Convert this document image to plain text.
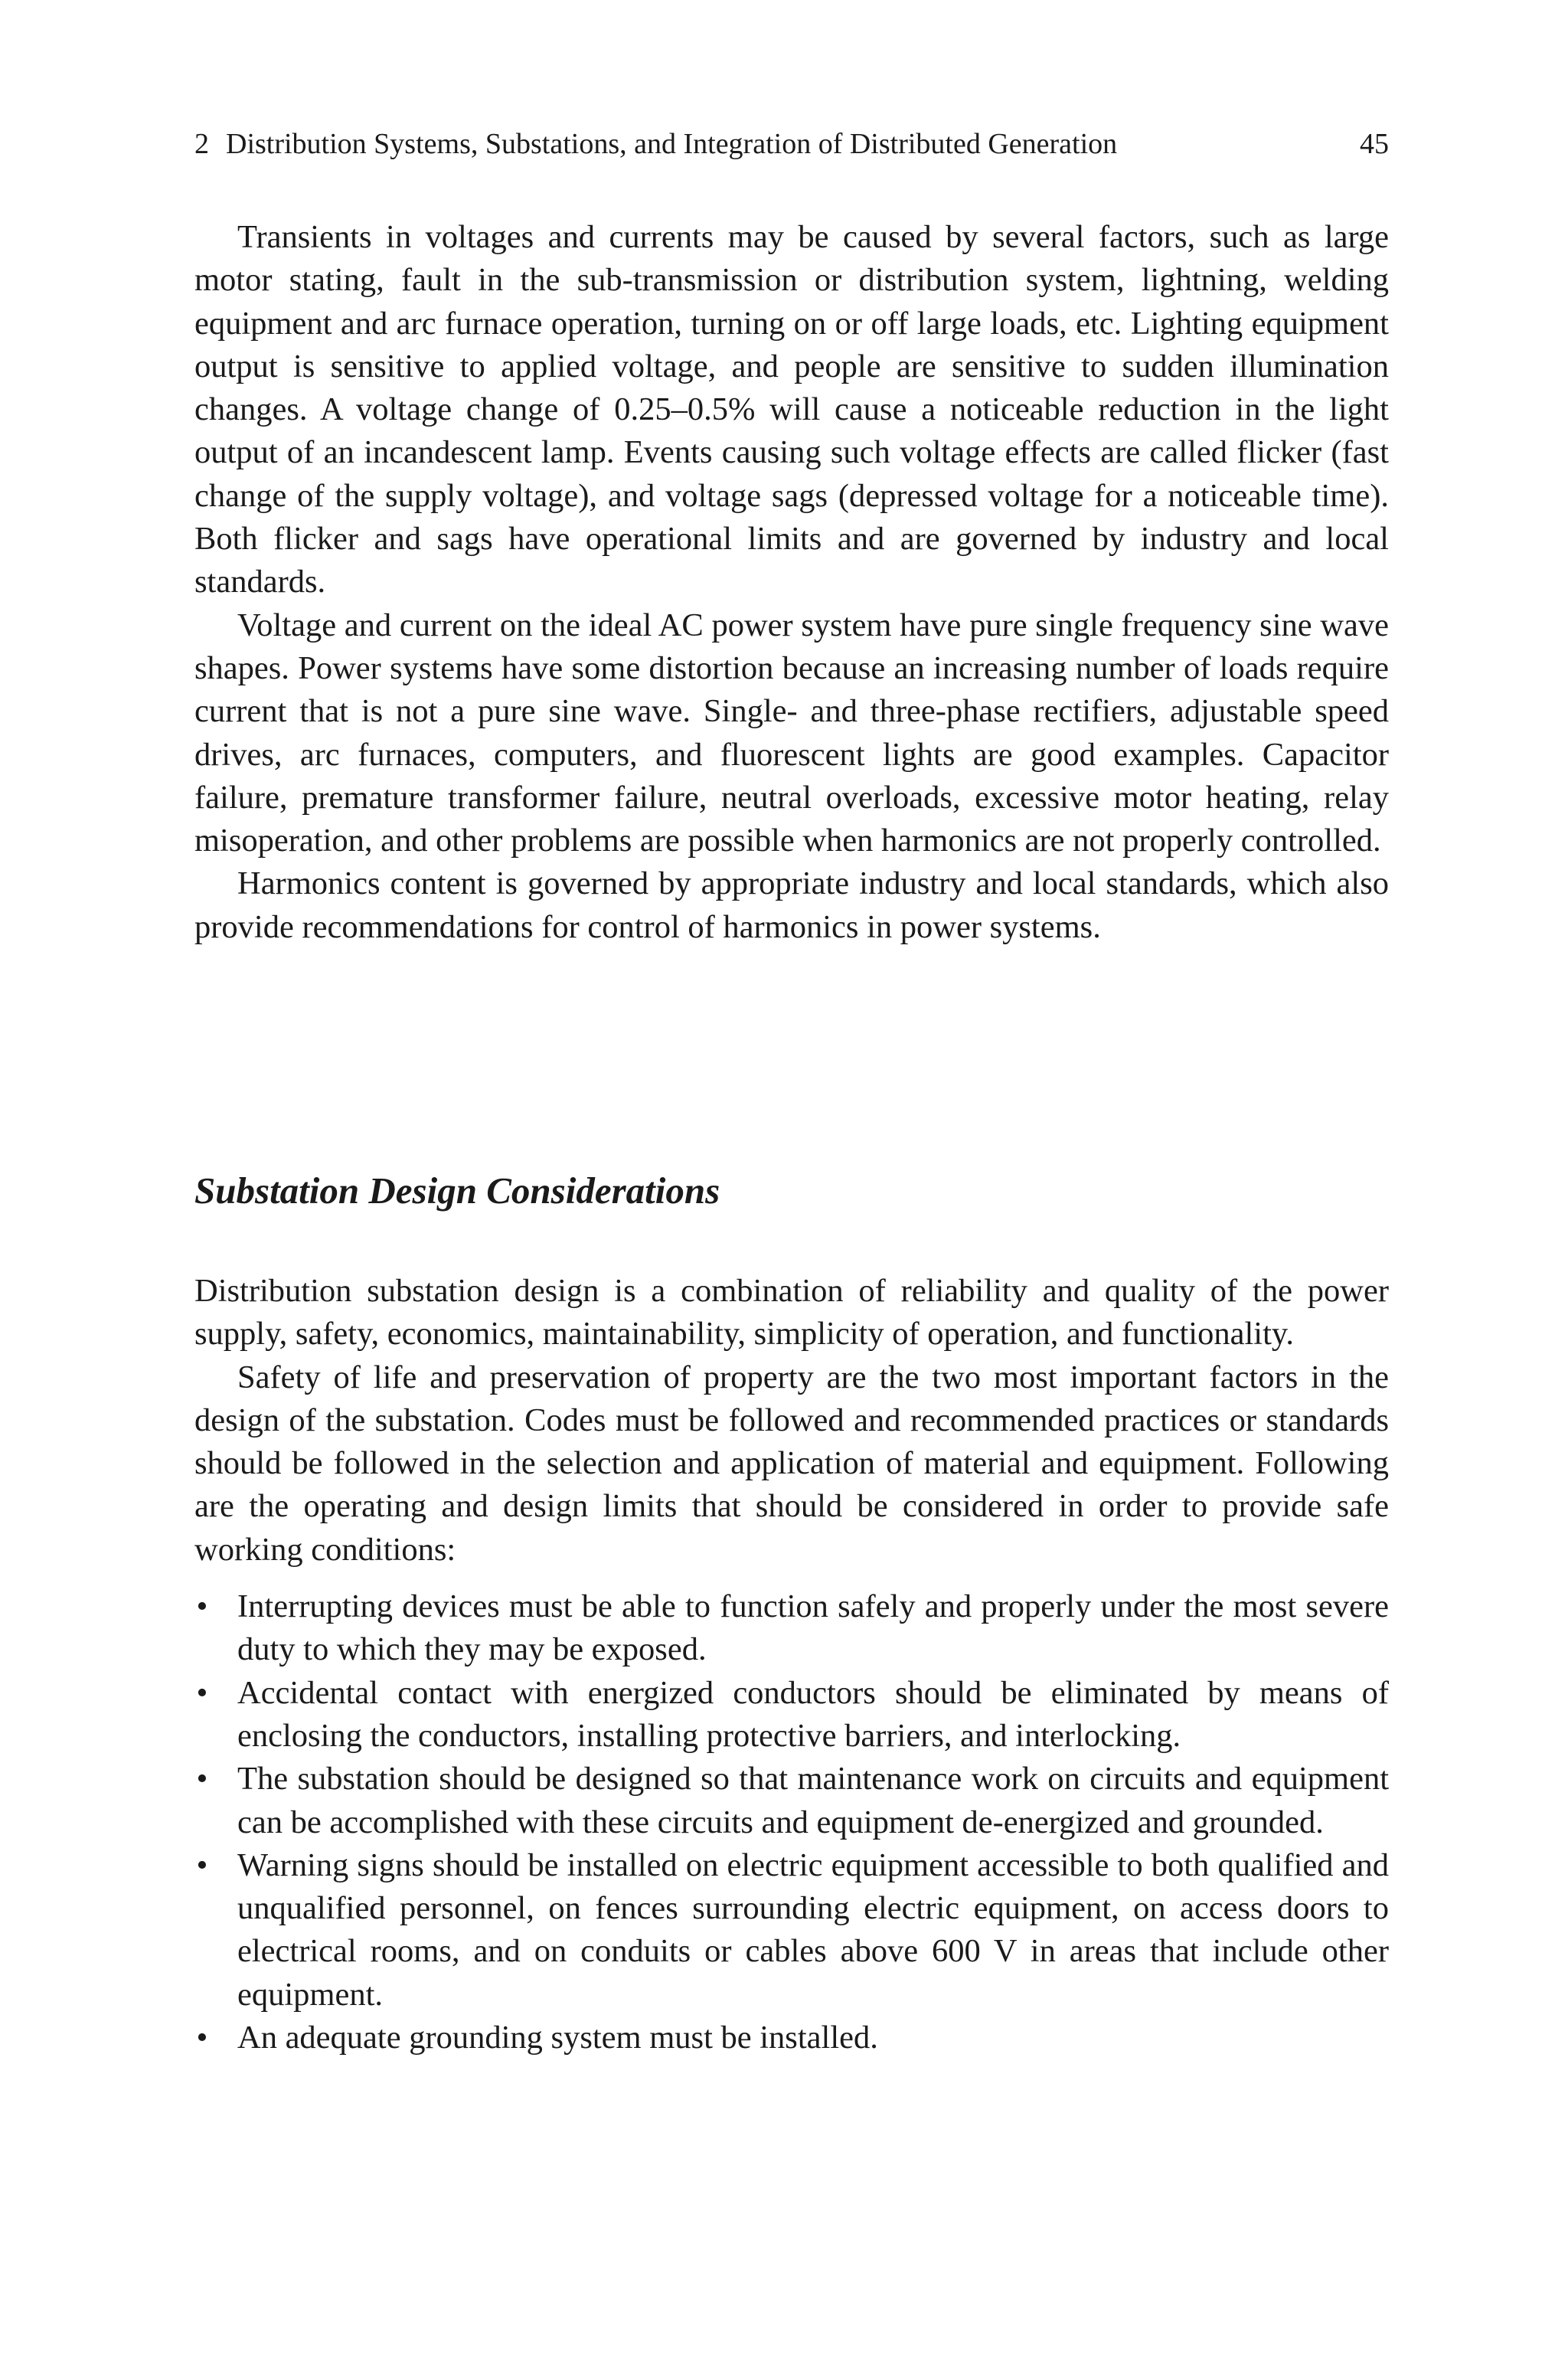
2 Distribution Systems, Substations, and Integration of Distributed Generation	45

Transients in voltages and currents may be caused by several factors, such as large motor stating, fault in the sub-transmission or distribution system, lightning, welding equipment and arc furnace operation, turning on or off large loads, etc. Lighting equipment output is sensitive to applied voltage, and people are sensitive to sudden illumination changes. A voltage change of 0.25–0.5% will cause a noticeable reduction in the light output of an incandescent lamp. Events causing such voltage effects are called flicker (fast change of the supply voltage), and voltage sags (depressed voltage for a noticeable time). Both flicker and sags have operational limits and are governed by industry and local standards.

Voltage and current on the ideal AC power system have pure single frequency sine wave shapes. Power systems have some distortion because an increasing number of loads require current that is not a pure sine wave. Single- and three-phase rectifiers, adjustable speed drives, arc furnaces, computers, and fluorescent lights are good examples. Capacitor failure, premature transformer failure, neutral overloads, excessive motor heating, relay misoperation, and other problems are possible when harmonics are not properly controlled.

Harmonics content is governed by appropriate industry and local standards, which also provide recommendations for control of harmonics in power systems.

Substation Design Considerations

Distribution substation design is a combination of reliability and quality of the power supply, safety, economics, maintainability, simplicity of operation, and functionality.

Safety of life and preservation of property are the two most important factors in the design of the substation. Codes must be followed and recommended practices or standards should be followed in the selection and application of material and equipment. Following are the operating and design limits that should be considered in order to provide safe working conditions:

• Interrupting devices must be able to function safely and properly under the most severe duty to which they may be exposed.
• Accidental contact with energized conductors should be eliminated by means of enclosing the conductors, installing protective barriers, and interlocking.
• The substation should be designed so that maintenance work on circuits and equipment can be accomplished with these circuits and equipment de-energized and grounded.
• Warning signs should be installed on electric equipment accessible to both qualified and unqualified personnel, on fences surrounding electric equipment, on access doors to electrical rooms, and on conduits or cables above 600 V in areas that include other equipment.
• An adequate grounding system must be installed.
